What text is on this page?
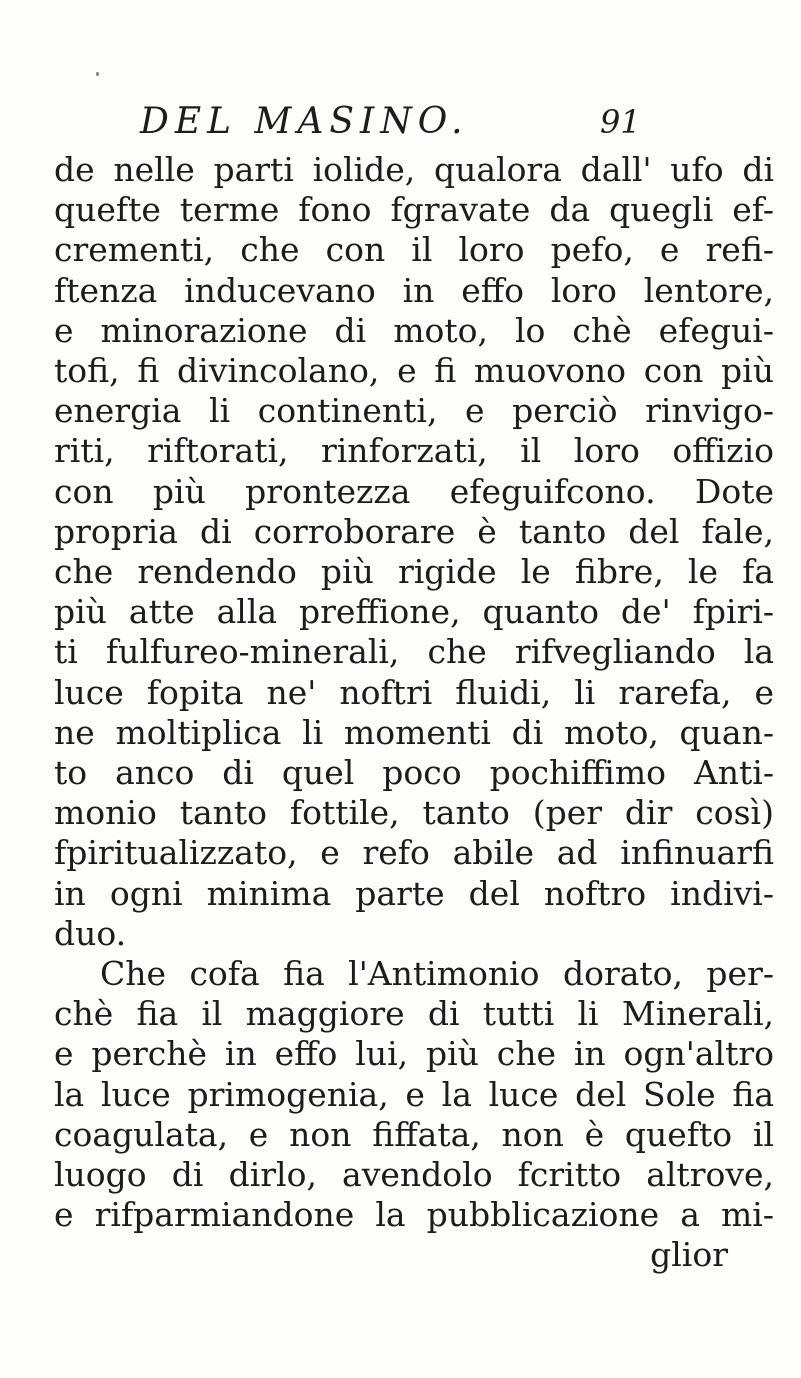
DEL MASINO.	91
de nelle parti iolide, qualora dall' ufo di
quefte terme fono fgravate da quegli ef-
crementi, che con il loro pefo, e refi-
ftenza inducevano in effo loro lentore,
e minorazione di moto, lo chè efegui-
tofi, fi divincolano, e fi muovono con più
energia li continenti, e perciò rinvigo-
riti, riftorati, rinforzati, il loro offizio
con più prontezza efeguifcono. Dote
propria di corroborare è tanto del fale,
che rendendo più rigide le fibre, le fa
più atte alla preffione, quanto de' fpiri-
ti fulfureo-minerali, che rifvegliando la
luce fopita ne' noftri fluidi, li rarefa, e
ne moltiplica li momenti di moto, quan-
to anco di quel poco pochiffimo Anti-
monio tanto fottile, tanto (per dir così)
fpiritualizzato, e refo abile ad infinuarfi
in ogni minima parte del noftro indivi-
duo.
Che cofa fia l'Antimonio dorato, per-
chè fia il maggiore di tutti li Minerali,
e perchè in effo lui, più che in ogn'altro
la luce primogenia, e la luce del Sole fia
coagulata, e non fiffata, non è quefto il
luogo di dirlo, avendolo fcritto altrove,
e rifparmiandone la pubblicazione a mi-
glior
